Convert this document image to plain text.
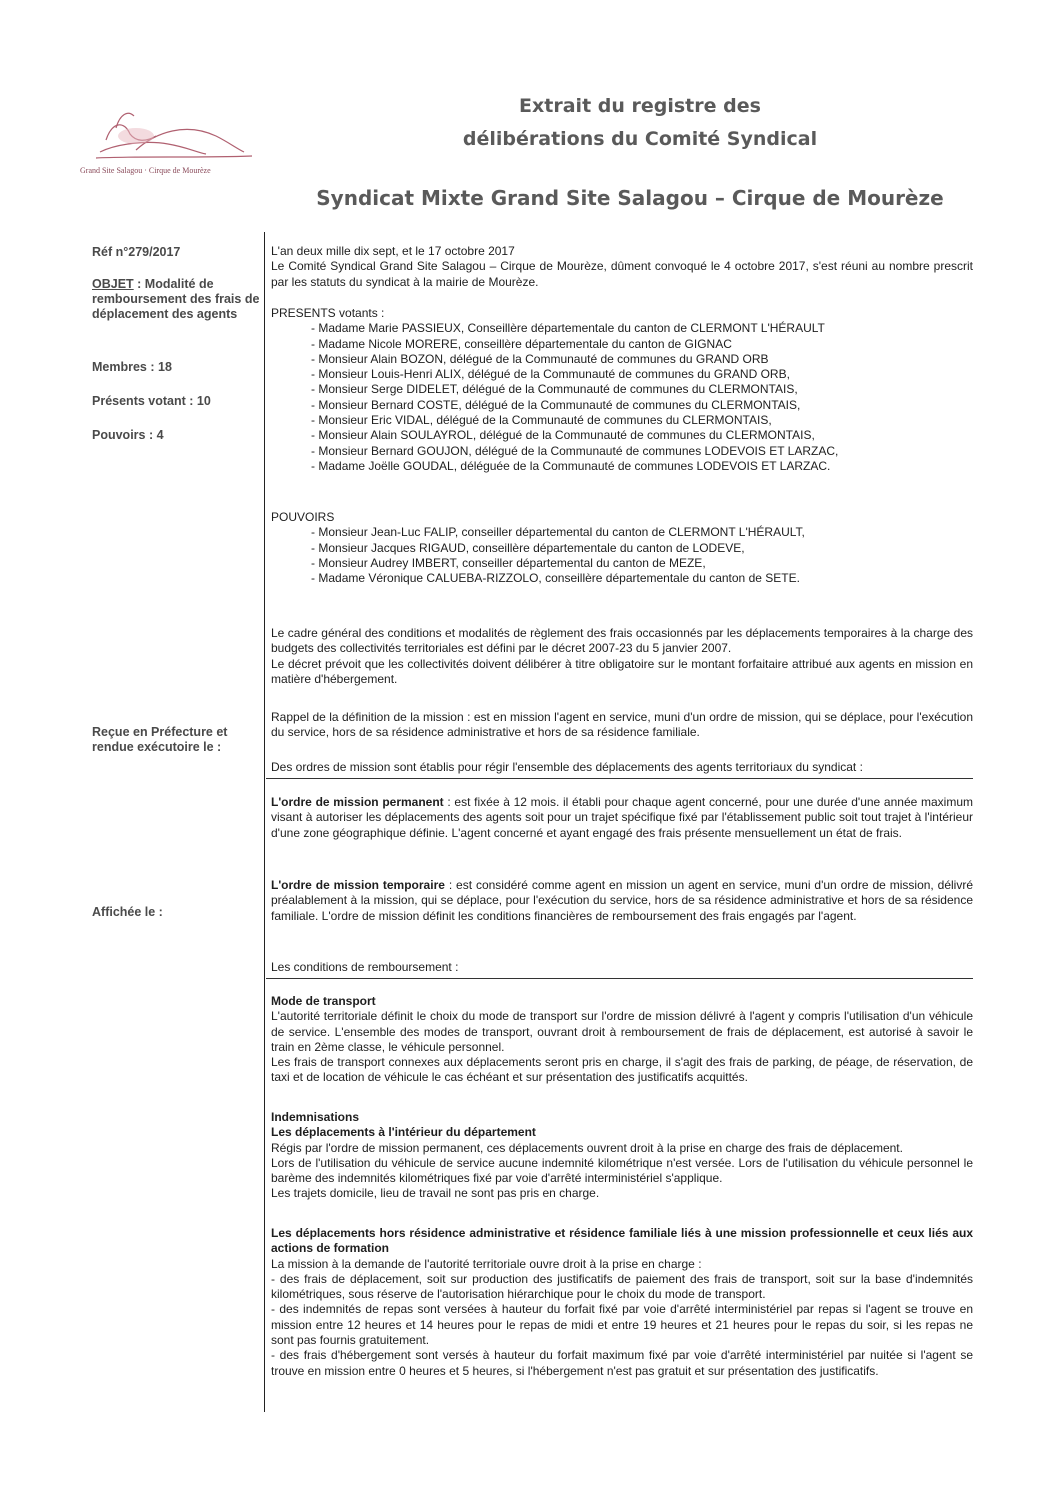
Grand Site Salagou · Cirque de Mourèze
Extrait du registre des
délibérations du Comité Syndical
Syndicat Mixte Grand Site Salagou – Cirque de Mourèze
Réf n°279/2017
OBJET : Modalité de remboursement des frais de déplacement des agents
Membres : 18
Présents votant : 10
Pouvoirs : 4
Reçue en Préfecture et rendue exécutoire le :
Affichée le :

L'an deux mille dix sept, et le 17 octobre 2017

Le Comité Syndical Grand Site Salagou – Cirque de Mourèze, dûment convoqué le 4 octobre 2017, s'est réuni au nombre prescrit par les statuts du syndicat à la mairie de Mourèze.

PRESENTS votants :

- Madame Marie PASSIEUX, Conseillère départementale du canton de CLERMONT L'HÉRAULT
- Madame Nicole MORERE, conseillère départementale du canton de GIGNAC
- Monsieur Alain BOZON, délégué de la Communauté de communes du GRAND ORB
- Monsieur Louis-Henri ALIX, délégué de la Communauté de communes du GRAND ORB,
- Monsieur Serge DIDELET, délégué de la Communauté de communes du CLERMONTAIS,
- Monsieur Bernard COSTE, délégué de la Communauté de communes du CLERMONTAIS,
- Monsieur Eric VIDAL, délégué de la Communauté de communes du CLERMONTAIS,
- Monsieur Alain SOULAYROL, délégué de la Communauté de communes du CLERMONTAIS,
- Monsieur Bernard GOUJON, délégué de la Communauté de communes LODEVOIS ET LARZAC,
- Madame Joëlle GOUDAL, déléguée de la Communauté de communes LODEVOIS ET LARZAC.

POUVOIRS

- Monsieur Jean-Luc FALIP, conseiller départemental du canton de CLERMONT L'HÉRAULT,
- Monsieur Jacques RIGAUD, conseillère départementale du canton de LODEVE,
- Monsieur Audrey IMBERT, conseiller départemental du canton de MEZE,
- Madame Véronique CALUEBA-RIZZOLO, conseillère départementale du canton de SETE.

Le cadre général des conditions et modalités de règlement des frais occasionnés par les déplacements temporaires à la charge des budgets des collectivités territoriales est défini par le décret 2007-23 du 5 janvier 2007.

Le décret prévoit que les collectivités doivent délibérer à titre obligatoire sur le montant forfaitaire attribué aux agents en mission en matière d'hébergement.

Rappel de la définition de la mission : est en mission l'agent en service, muni d'un ordre de mission, qui se déplace, pour l'exécution du service, hors de sa résidence administrative et hors de sa résidence familiale.
Des ordres de mission sont établis pour régir l'ensemble des déplacements des agents territoriaux du syndicat :
L'ordre de mission permanent : est fixée à 12 mois. il établi pour chaque agent concerné, pour une durée d'une année maximum visant à autoriser les déplacements des agents soit pour un trajet spécifique fixé par l'établissement public soit tout trajet à l'intérieur d'une zone géographique définie. L'agent concerné et ayant engagé des frais présente mensuellement un état de frais.
L'ordre de mission temporaire : est considéré comme agent en mission un agent en service, muni d'un ordre de mission, délivré préalablement à la mission, qui se déplace, pour l'exécution du service, hors de sa résidence administrative et hors de sa résidence familiale. L'ordre de mission définit les conditions financières de remboursement des frais engagés par l'agent.
Les conditions de remboursement :

Mode de transport

L'autorité territoriale définit le choix du mode de transport sur l'ordre de mission délivré à l'agent y compris l'utilisation d'un véhicule de service. L'ensemble des modes de transport, ouvrant droit à remboursement de frais de déplacement, est autorisé à savoir le train en 2ème classe, le véhicule personnel.

Les frais de transport connexes aux déplacements seront pris en charge, il s'agit des frais de parking, de péage, de réservation, de taxi et de location de véhicule le cas échéant et sur présentation des justificatifs acquittés.

Indemnisations

Les déplacements à l'intérieur du département

Régis par l'ordre de mission permanent, ces déplacements ouvrent droit à la prise en charge des frais de déplacement.

Lors de l'utilisation du véhicule de service aucune indemnité kilométrique n'est versée. Lors de l'utilisation du véhicule personnel le barème des indemnités kilométriques fixé par voie d'arrêté interministériel s'applique.

Les trajets domicile, lieu de travail ne sont pas pris en charge.

Les déplacements hors résidence administrative et résidence familiale liés à une mission professionnelle et ceux liés aux actions de formation

La mission à la demande de l'autorité territoriale ouvre droit à la prise en charge :

- des frais de déplacement, soit sur production des justificatifs de paiement des frais de transport, soit sur la base d'indemnités kilométriques, sous réserve de l'autorisation hiérarchique pour le choix du mode de transport.

- des indemnités de repas sont versées à hauteur du forfait fixé par voie d'arrêté interministériel par repas si l'agent se trouve en mission entre 12 heures et 14 heures pour le repas de midi et entre 19 heures et 21 heures pour le repas du soir, si les repas ne sont pas fournis gratuitement.

- des frais d'hébergement sont versés à hauteur du forfait maximum fixé par voie d'arrêté interministériel par nuitée si l'agent se trouve en mission entre 0 heures et 5 heures, si l'hébergement n'est pas gratuit et sur présentation des justificatifs.
